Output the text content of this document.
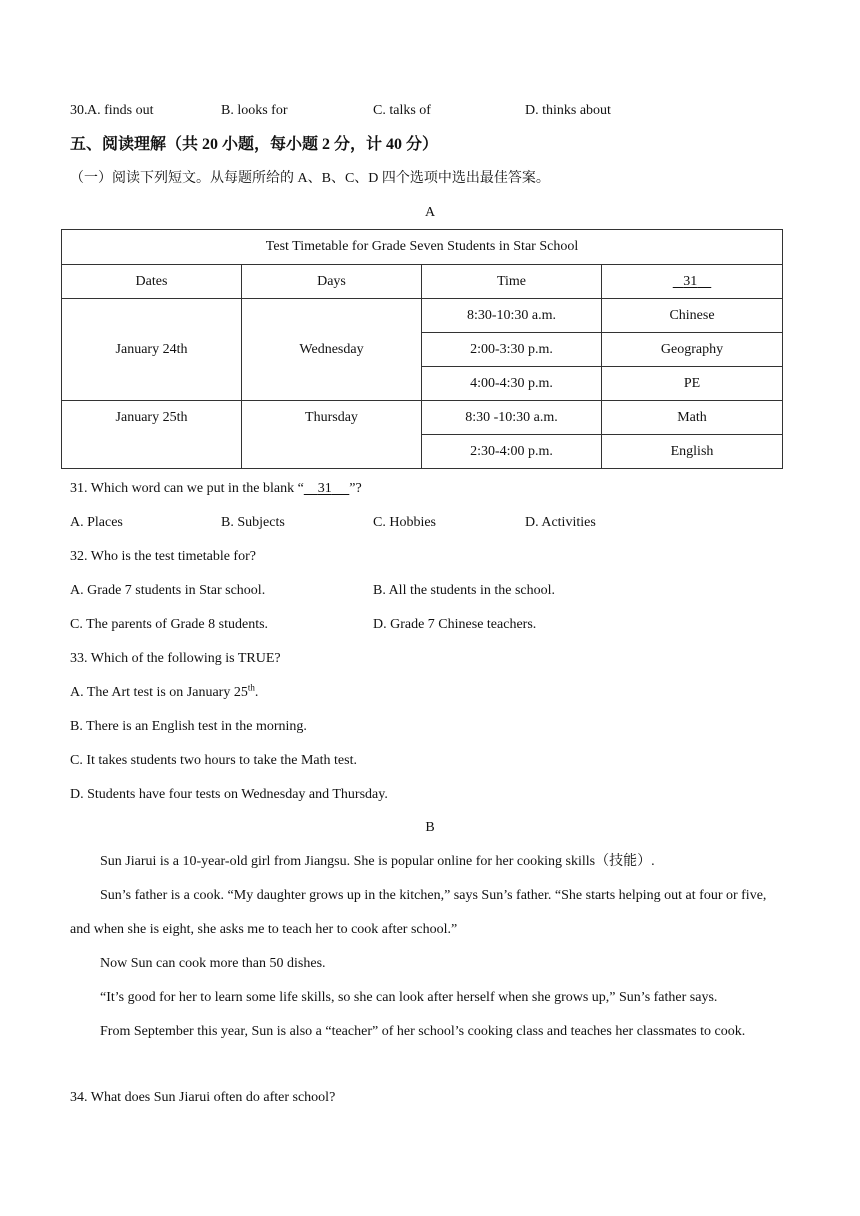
30. A. finds out	B. looks for	C. talks of	D. thinks about
五、阅读理解（共 20 小题，每小题 2 分，计 40 分）
（一）阅读下列短文。从每题所给的 A、B、C、D 四个选项中选出最佳答案。
A
Test Timetable for Grade Seven Students in Star School			
Dates	Days	Time	31
January 24th	Wednesday	8:30-10:30 a.m.	Chinese
		2:00-3:30 p.m.	Geography
		4:00-4:30 p.m.	PE
January 25th	Thursday	8:30 -10:30 a.m.	Math
		2:30-4:00 p.m.	English
31. Which word can we put in the blank “ 31 ”?
A. Places	B. Subjects	C. Hobbies	D. Activities
32. Who is the test timetable for?
A. Grade 7 students in Star school.	B. All the students in the school.
C. The parents of Grade 8 students.	D. Grade 7 Chinese teachers.
33. Which of the following is TRUE?
A. The Art test is on January 25th.
B. There is an English test in the morning.
C. It takes students two hours to take the Math test.
D. Students have four tests on Wednesday and Thursday.
B
Sun Jiarui is a 10-year-old girl from Jiangsu. She is popular online for her cooking skills（技能）.
Sun’s father is a cook. “My daughter grows up in the kitchen,” says Sun’s father. “She starts helping out at four or five, and when she is eight, she asks me to teach her to cook after school.”
Now Sun can cook more than 50 dishes.
“It’s good for her to learn some life skills, so she can look after herself when she grows up,” Sun’s father says.
From September this year, Sun is also a “teacher” of her school’s cooking class and teaches her classmates to cook.
34. What does Sun Jiarui often do after school?
